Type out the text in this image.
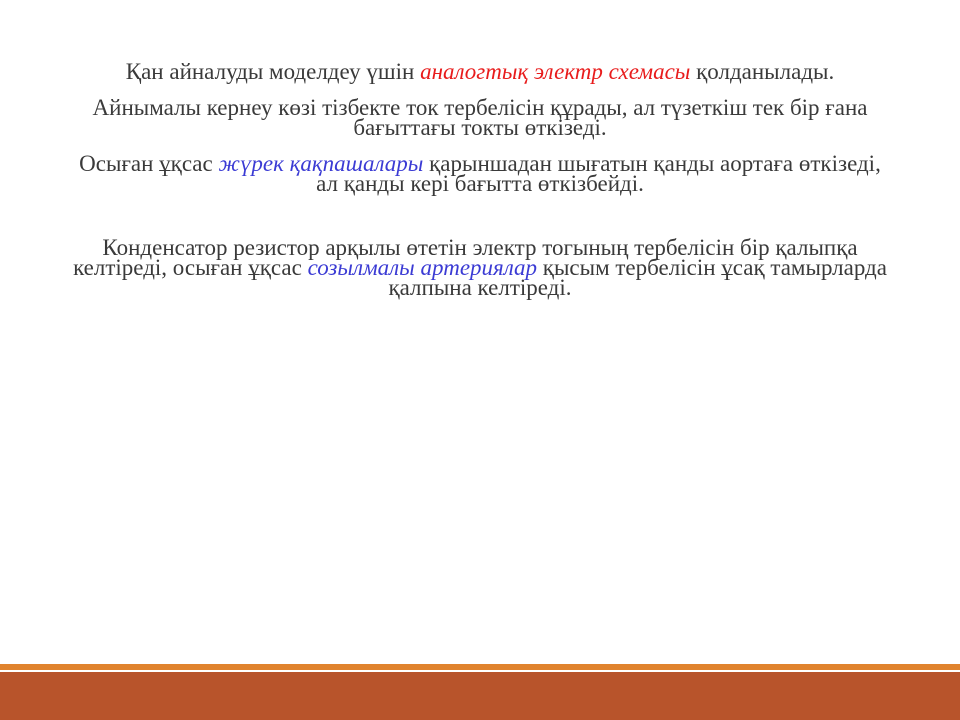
Қан айналуды моделдеу үшін аналогтық электр схемасы қолданылады.

Айнымалы кернеу көзі тізбекте ток тербелісін құрады, ал түзеткіш тек бір ғана бағыттағы токты өткізеді.

Осыған ұқсас жүрек қақпашалары қарыншадан шығатын қанды аортаға өткізеді, ал қанды кері бағытта өткізбейді.

Конденсатор резистор арқылы өтетін электр тогының тербелісін бір қалыпқа келтіреді, осыған ұқсас созылмалы артериялар қысым тербелісін ұсақ тамырларда қалпына келтіреді.
